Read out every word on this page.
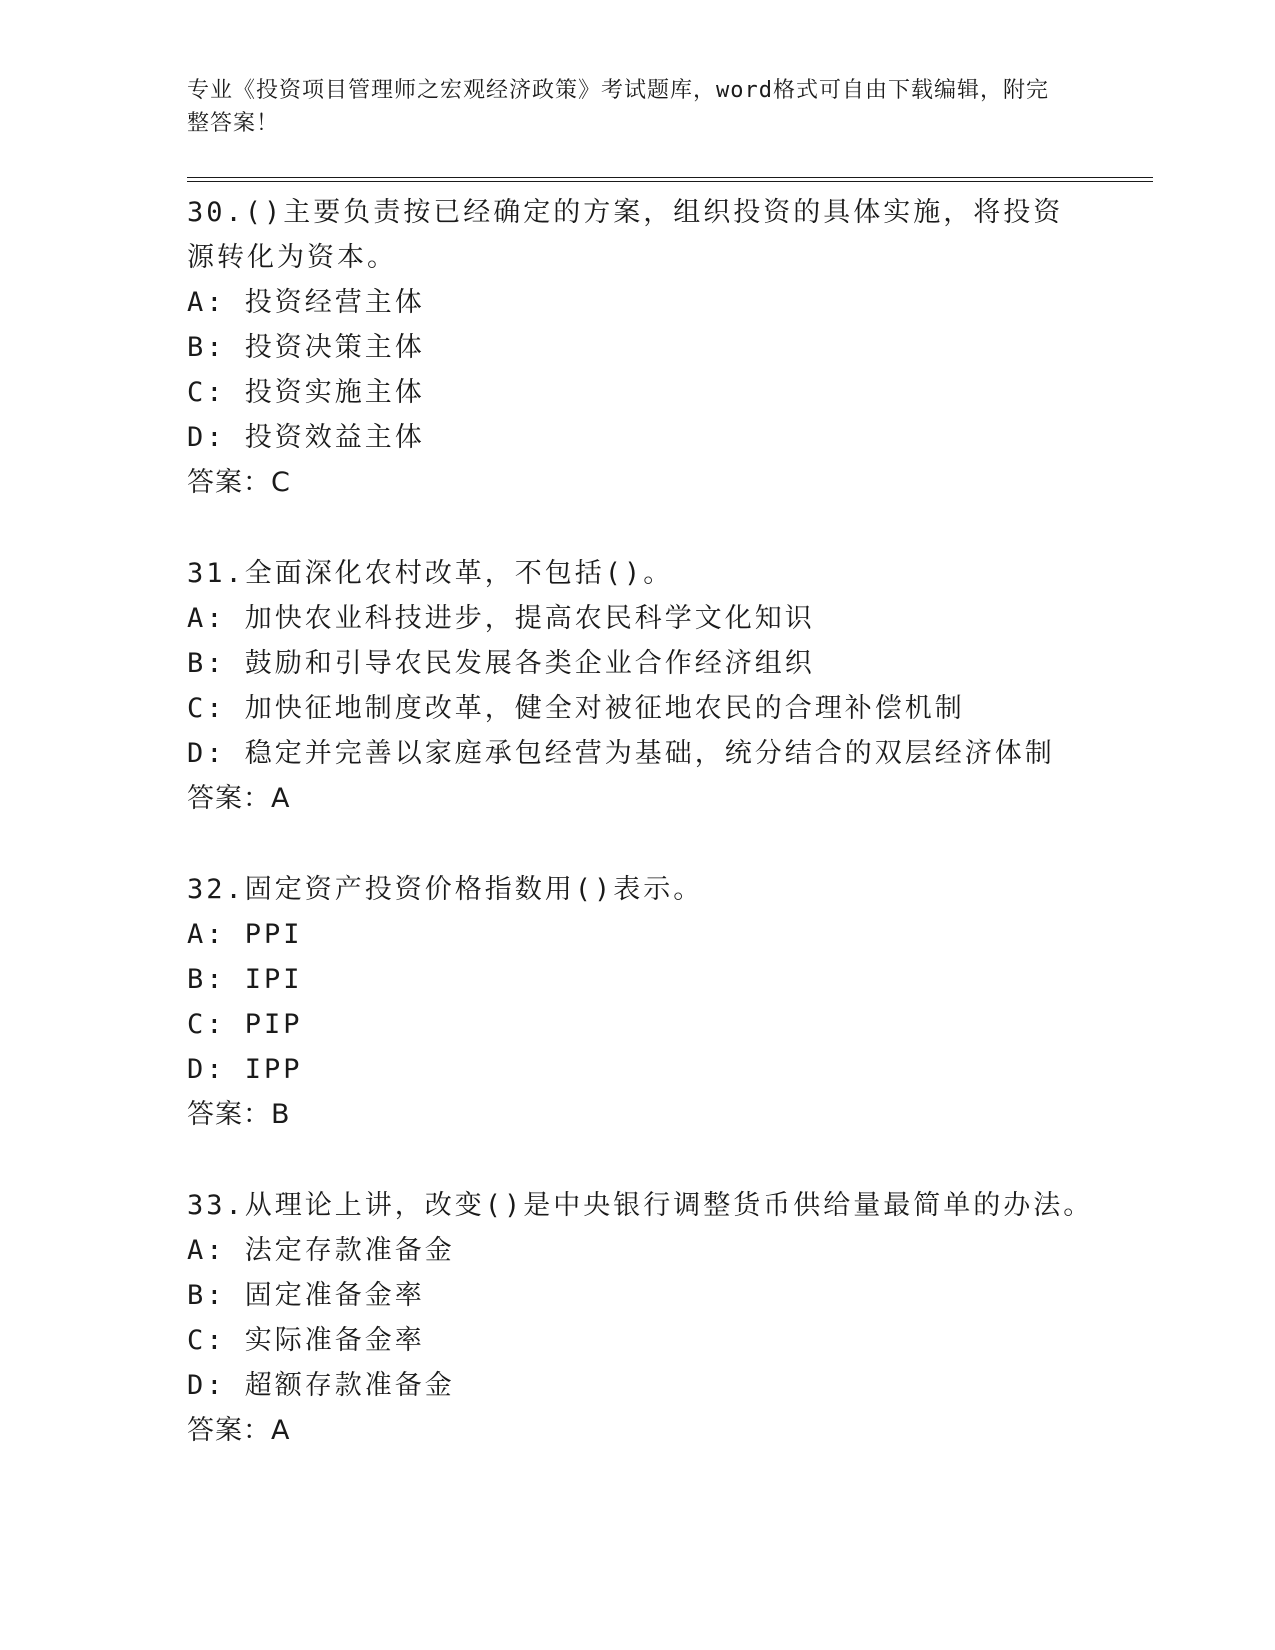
专业《投资项目管理师之宏观经济政策》考试题库，word格式可自由下载编辑，附完整答案！

30.()主要负责按已经确定的方案，组织投资的具体实施，将投资源转化为资本。

A: 投资经营主体

B: 投资决策主体

C: 投资实施主体

D: 投资效益主体

答案：C

31.全面深化农村改革，不包括()。

A: 加快农业科技进步，提高农民科学文化知识

B: 鼓励和引导农民发展各类企业合作经济组织

C: 加快征地制度改革，健全对被征地农民的合理补偿机制

D: 稳定并完善以家庭承包经营为基础，统分结合的双层经济体制

答案：A

32.固定资产投资价格指数用()表示。

A: PPI

B: IPI

C: PIP

D: IPP

答案：B

33.从理论上讲，改变()是中央银行调整货币供给量最简单的办法。

A: 法定存款准备金

B: 固定准备金率

C: 实际准备金率

D: 超额存款准备金

答案：A
